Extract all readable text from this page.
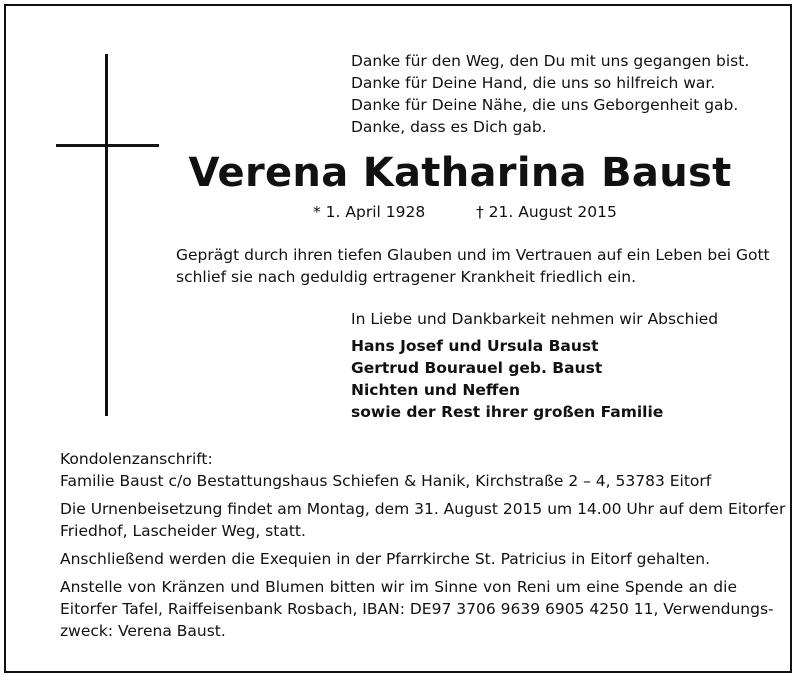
Danke für den Weg, den Du mit uns gegangen bist.
Danke für Deine Hand, die uns so hilfreich war.
Danke für Deine Nähe, die uns Geborgenheit gab.
Danke, dass es Dich gab.
Verena Katharina Baust
* 1. April 1928	† 21. August 2015
Geprägt durch ihren tiefen Glauben und im Vertrauen auf ein Leben bei Gott
schlief sie nach geduldig ertragener Krankheit friedlich ein.
In Liebe und Dankbarkeit nehmen wir Abschied
Hans Josef und Ursula Baust
Gertrud Bourauel geb. Baust
Nichten und Neffen
sowie der Rest ihrer großen Familie
Kondolenzanschrift:
Familie Baust c/o Bestattungshaus Schiefen & Hanik, Kirchstraße 2 – 4, 53783 Eitorf
Die Urnenbeisetzung findet am Montag, dem 31. August 2015 um 14.00 Uhr auf dem Eitorfer
Friedhof, Lascheider Weg, statt.
Anschließend werden die Exequien in der Pfarrkirche St. Patricius in Eitorf gehalten.
Anstelle von Kränzen und Blumen bitten wir im Sinne von Reni um eine Spende an die
Eitorfer Tafel, Raiffeisenbank Rosbach, IBAN: DE97 3706 9639 6905 4250 11, Verwendungs-
zweck: Verena Baust.
